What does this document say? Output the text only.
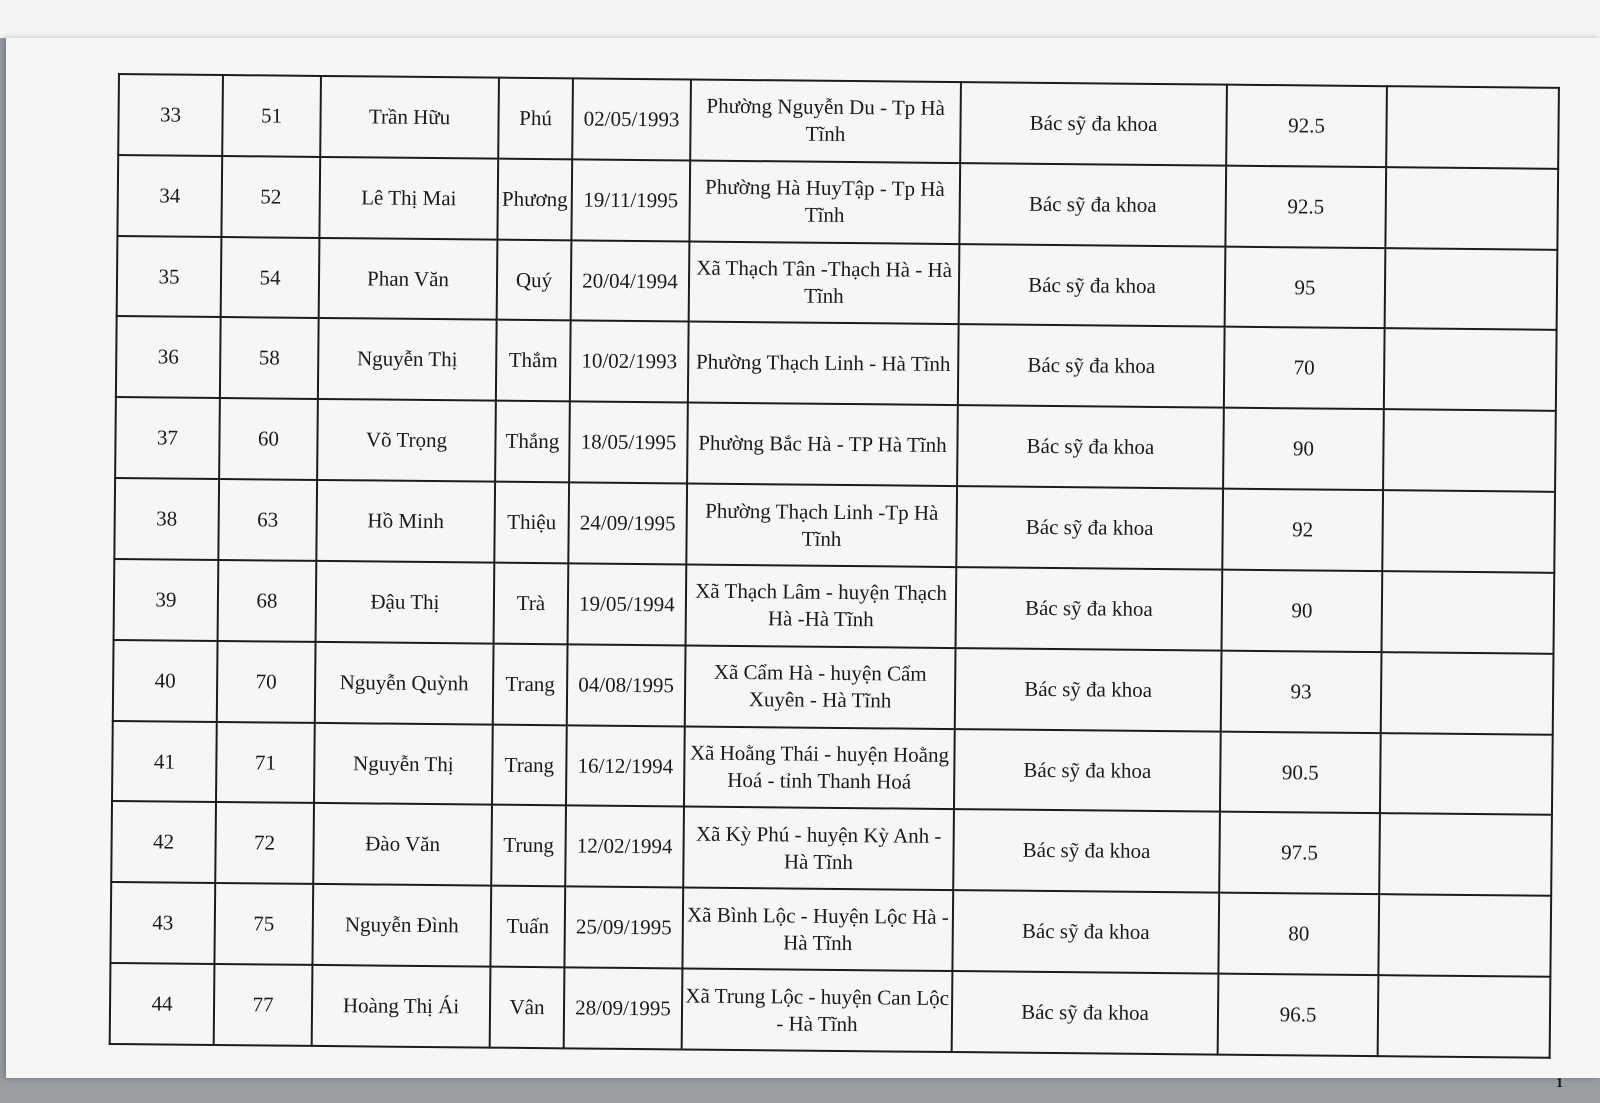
33	51	Trần Hữu	Phú	02/05/1993	Phường Nguyễn Du - Tp Hà Tĩnh	Bác sỹ đa khoa	92.5	
34	52	Lê Thị Mai	Phương	19/11/1995	Phường Hà HuyTập - Tp Hà Tĩnh	Bác sỹ đa khoa	92.5	
35	54	Phan Văn	Quý	20/04/1994	Xã Thạch Tân -Thạch Hà - Hà Tĩnh	Bác sỹ đa khoa	95	
36	58	Nguyễn Thị	Thắm	10/02/1993	Phường Thạch Linh - Hà Tĩnh	Bác sỹ đa khoa	70	
37	60	Võ Trọng	Thắng	18/05/1995	Phường Bắc Hà - TP Hà Tĩnh	Bác sỹ đa khoa	90	
38	63	Hồ Minh	Thiệu	24/09/1995	Phường Thạch Linh -Tp Hà Tĩnh	Bác sỹ đa khoa	92	
39	68	Đậu Thị	Trà	19/05/1994	Xã Thạch Lâm - huyện Thạch Hà -Hà Tĩnh	Bác sỹ đa khoa	90	
40	70	Nguyễn Quỳnh	Trang	04/08/1995	Xã Cẩm Hà - huyện Cẩm Xuyên - Hà Tĩnh	Bác sỹ đa khoa	93	
41	71	Nguyễn Thị	Trang	16/12/1994	Xã Hoằng Thái - huyện Hoằng Hoá - tỉnh Thanh Hoá	Bác sỹ đa khoa	90.5	
42	72	Đào Văn	Trung	12/02/1994	Xã Kỳ Phú - huyện Kỳ Anh - Hà Tĩnh	Bác sỹ đa khoa	97.5	
43	75	Nguyễn Đình	Tuấn	25/09/1995	Xã Bình Lộc - Huyện Lộc Hà - Hà Tĩnh	Bác sỹ đa khoa	80	
44	77	Hoàng Thị Ái	Vân	28/09/1995	Xã Trung Lộc - huyện Can Lộc - Hà Tĩnh	Bác sỹ đa khoa	96.5	
1
